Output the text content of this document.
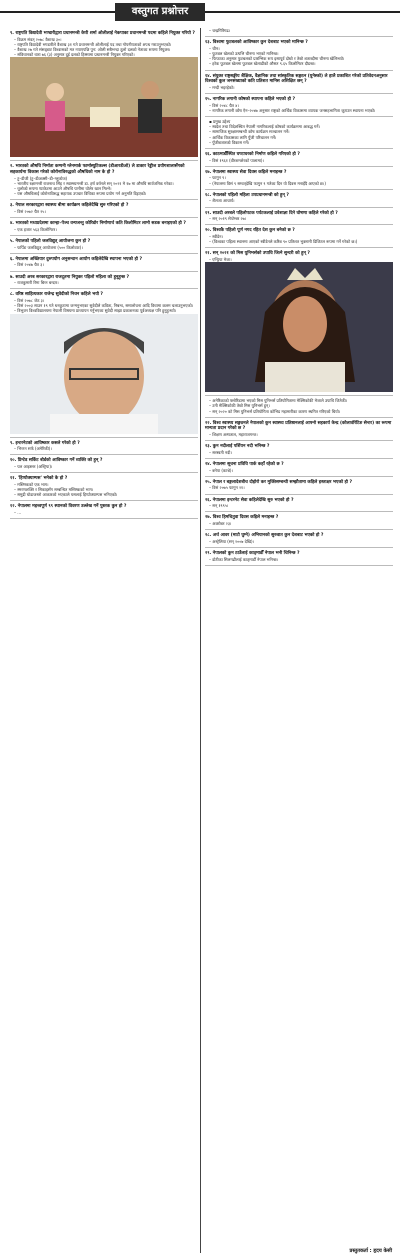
वस्तुगत प्रश्नोत्तर
९. राष्ट्रपति विद्यादेवी भण्डारीद्वारा प्रधानमन्त्री केपी शर्मा ओलीलाई नेकपाका प्रधानमन्त्री पदमा कहिले नियुक्त गरियो ?

– विक्रम संवत् २०७८ वैशाख ३०।

– राष्ट्रपति विद्यादेवी भण्डारीले वैशाख ३१ गते प्रधानमन्त्री ओलीलाई पद तथा गोपनीयताको शपथ गराउनुभएको।

– वैशाख २७ गते संसद्‌बाट विश्वासको मत नपाएपछि पुन: ओली सबैभन्दा ठूलो दलको नेताका रूपमा नियुक्त।

– संविधानको धारा ७६ (३) अनुसार दुई दलको हिस्सामा प्रधानमन्त्री नियुक्त गरिएको।

२. भारतको औषधि निर्माता कम्पनी ग्लेनमार्क फार्मास्युटिकल्स (डीआरडीओ) ले डाक्टर रेड्डीज प्रयोगशालासँगको सहकार्यमा विकास गरेको कोरोनाविरुद्धको औषधिको नाम के हो ?

– टु–डीजी (टु–डीअक्सी–डी–ग्लुकोज)

– भारतीय रक्षामन्त्री राजनाथ सिंह र स्वास्थ्यमन्त्री डा. हर्ष वर्धनले सन् २०२१ मे १७ मा औषधि सार्वजनिक गरेका।

– धुलोको रूपमा प्याकेटमा आउने औषधि पानीमा घोलेर खान मिल्ने।

– यस औषधिलाई कोरोनाविरुद्ध सहायक उपचार विधिका रूपमा प्रयोग गर्न अनुमति दिइएको।

३. नेपाल सरकारद्वारा स्वास्थ्य बीमा कार्यक्रम कहिलेदेखि सुरु गरिएको हो ?

– विसं २०७२ चैत २५।

४. भारतको मध्यप्रदेशमा कान्हा–पेञ्च वन्यजन्तु कोरिडोर निर्माणार्थ कति किलोमिटर लामो सडक बनाइएको हो ?

– एक हजार ५६३ किलोमिटर।

५. नेपालको पहिलो जलविद्युत् आयोजना कुन हो ?

– फर्पिङ जलविद्युत् आयोजना (५०० किलोवाट)।

६. नेपालमा अख्तियार दुरुपयोग अनुसन्धान आयोग कहिलेदेखि स्थापना भएको हो ?

– विसं २०४७ चैत्र ३।

७. साउदी अरब सरकारद्वारा राजदूतमा नियुक्त पहिलो महिला को हुनुहुन्छ ?

– राजकुमारी रिमा बिन्त बन्दार।

८. वरिष्ठ साहित्यकार राजेन्द्र सुवेदीको निधन कहिले भयो ?

– विसं २०७८ जेठ ३।

– विसं २००३ साउन १९ गते धनकुटामा जन्मनुभएका सुवेदीले कविता, निबन्ध, समालोचना आदि विधामा कलम चलाउनुभएको।

– त्रिभुवन विश्वविद्यालयमा नेपाली विषयमा प्राध्यापन गर्नुभएका सुवेदी साझा प्रकाशनका पूर्वअध्यक्ष पनि हुनुहुन्थ्यो।

९. इन्टरनेटको आविष्कार कसले गरेको हो ?

– भिन्टन सर्फ (अमेरिकी)।

१०. प्रिन्टेड सर्किट बोर्डको आविष्कार गर्ने व्यक्ति को हुन् ?

– पल आइस्लर (अस्ट्रिया)।

११. 'हिप्पोक्याम्पस' भनेको के हो ?

– मस्तिष्कको एक भाग।

– स्मरणशक्ति र सिकाइसँग सम्बन्धित मस्तिष्कको भाग।

– समुद्री घोडाजस्तो आकारको भएकाले यसलाई हिप्पोक्याम्पस भनिएको।

१२. नेपालमा महत्त्वपूर्ण ९९ स्थानको विवरण उल्लेख गर्ने पुस्तक कुन हो ?

– …

– चन्द्रगिरिगढ।

१३. विश्वमा फुटबलको आविष्कार कुन देशबाट भएको मानिन्छ ?

– चीन।

– फुटबल खेलको उत्पत्ति चीनमा भएको मानिन्छ।

– फिफाका अनुसार फुटबलको प्रारम्भिक रूप इसापूर्व दोस्रो र तेस्रो शताब्दीमा चीनमा खेलिन्थ्यो।

– हरेक फुटबल खेलमा फुटबल खेलाडीको औसत ९.६५ किलोमिटर दौडन्छ।

१४. संयुक्त राष्ट्रसङ्घीय शैक्षिक, वैज्ञानिक तथा सांस्कृतिक सङ्गठन (युनेस्को) ले हालै प्रकाशित गरेको प्रतिवेदनअनुसार विश्वको कुल जनसंख्याको कति प्रतिशत मानिस अशिक्षित छन् ?

– मन्दी भइरहेको।

१५. नागरिक लगानी कोषको स्थापना कहिले भएको हो ?

– विसं २०४८ चैत ४।

– नागरिक लगानी कोष ऐन–२०४७ अनुसार राष्ट्रको आर्थिक विकासमा व्यापक जनसहभागिता जुटाउन स्थापना भएको।

▪ प्रमुख उद्देश्य

– स्वदेश तथा विदेशस्थित नेपाली नागरिकलाई कोषको कार्यक्रममा आबद्ध गर्ने।

– सामाजिक सुरक्षासम्बन्धी कोष कार्यक्रम सञ्चालन गर्ने।

– आर्थिक विकासका लागि पुँजी परिचालन गर्ने।

– पुँजीबजारको विकास गर्ने।

१६. काठमाडौँस्थित घण्टाघरको निर्माण कहिले गरिएको हो ?

– विसं १९६१ (वीरशमशेरको पालामा)।

१७. नेपालमा स्वास्थ्य सेवा दिवस कहिले मनाइन्छ ?

– फागुन ९।

– (नेपालमा विसं ९ सम्वत्‌देखि फागुन ९ गतेका दिन यो दिवस मनाइँदै आएको छ।)

१८. नेपालको पहिलो महिला उपप्रधानमन्त्री को हुन् ?

– शैलजा आचार्य।

१९. साउदी अरबले पहिलोपटक पर्यटकलाई प्रवेशाज्ञा दिने घोषणा कहिले गरेको हो ?

– सन् २०१९ सेप्टेम्बर २७।

२०. विश्वकै पहिलो पूर्ण नगद रहित देश कुन बनेको छ ?

– स्वीडेन।

– (विश्वका पहिला स्थानमा आएको स्वीडेनले करिब ९० प्रतिशत भुक्तानी डिजिटल रूपमा गर्ने गरेको छ।)

२१. सन् २०२१ को मिस युनिभर्सको उपाधि जित्ने सुन्दरी को हुन् ?

– एन्ड्रिया मेजा।

– अमेरिकाको फ्लोरिडामा भएको मिस युनिभर्स प्रतियोगितामा मेक्सिकोकी मेजाले उपाधि जितेकी।

– उनी मेक्सिकोकी तेस्रो मिस युनिभर्स हुन्।

– सन् २०२० को मिस युनिभर्स प्रतियोगिता कोभिड महामारीका कारण स्थगित गरिएको थियो।

२२. विश्व स्वास्थ्य सङ्गठनले नेपालको कुन स्वास्थ्य प्रतिष्ठानलाई आफ्नो सहकार्य केन्द्र (कोलावोरेटिङ सेन्टर) का रूपमा मान्यता प्रदान गरेको छ ?

– शिक्षण अस्पताल, महाराजगन्ज।

२३. कुन नदीलाई पर्शियन नदी भनिन्छ ?

– सरस्वती नदी।

२४. नेपालमा सूचना प्रविधि पार्क कहाँ रहेको छ ?

– बनेपा (काभ्रे)।

२५. नेपाल र बङ्गलादेशबीच दोहोरो कर मुक्तिसम्बन्धी सम्झौतामा कहिले हस्ताक्षर भएको हो ?

– विसं २०७५ फागुन २१।

२६. नेपालमा इन्टरनेट सेवा कहिलेदेखि सुरु भएको हो ?

– सन् १९९५।

२७. विश्व हिमचितुवा दिवस कहिले मनाइन्छ ?

– अक्टोबर २३।

२८. अर्थ आवर (माटो घुम्ने) अभियानको सुरुवात कुन देशबाट भएको हो ?

– अस्ट्रेलिया (सन् २००७ देखि)।

२९. नेपालको कुन ठाउँलाई काठ्‌माडौँ नेपाल भनी चिनिन्छ ?

– डोटीका सिलगढीलाई काठ्‌माडौँ नेपाल भनिन्छ।

प्रस्तुतकर्ता : हृदय केसी
